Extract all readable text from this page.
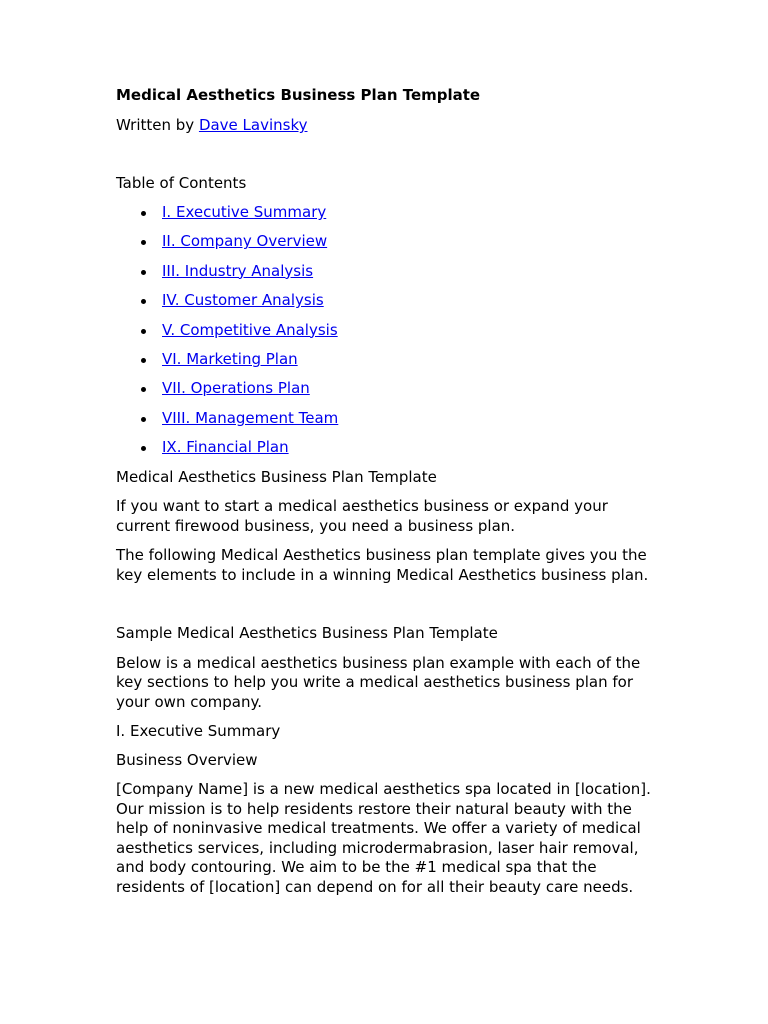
Medical Aesthetics Business Plan Template
Written by Dave Lavinsky
Table of Contents
I. Executive Summary
II. Company Overview
III. Industry Analysis
IV. Customer Analysis
V. Competitive Analysis
VI. Marketing Plan
VII. Operations Plan
VIII. Management Team
IX. Financial Plan

Medical Aesthetics Business Plan Template

If you want to start a medical aesthetics business or expand your current firewood business, you need a business plan.

The following Medical Aesthetics business plan template gives you the key elements to include in a winning Medical Aesthetics business plan.

Sample Medical Aesthetics Business Plan Template

Below is a medical aesthetics business plan example with each of the key sections to help you write a medical aesthetics business plan for your own company.

I. Executive Summary

Business Overview

[Company Name] is a new medical aesthetics spa located in [location]. Our mission is to help residents restore their natural beauty with the help of noninvasive medical treatments. We offer a variety of medical aesthetics services, including microdermabrasion, laser hair removal, and body contouring. We aim to be the #1 medical spa that the residents of [location] can depend on for all their beauty care needs.
